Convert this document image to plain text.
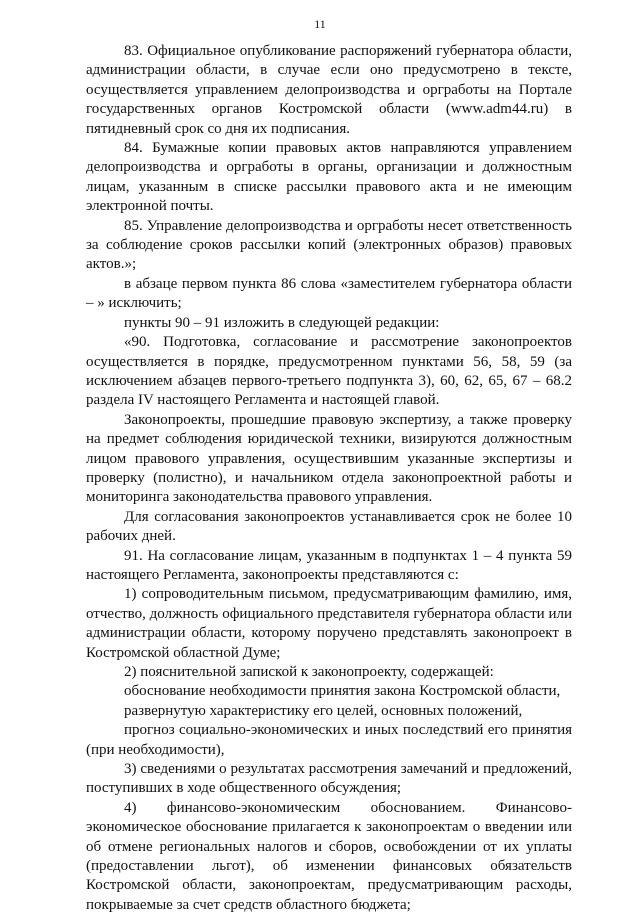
11

83. Официальное опубликование распоряжений губернатора области, администрации области, в случае если оно предусмотрено в тексте, осуществляется управлением делопроизводства и оргработы на Портале государственных органов Костромской области (www.adm44.ru) в пятидневный срок со дня их подписания.

84. Бумажные копии правовых актов направляются управлением делопроизводства и оргработы в органы, организации и должностным лицам, указанным в списке рассылки правового акта и не имеющим электронной почты.

85. Управление делопроизводства и оргработы несет ответственность за соблюдение сроков рассылки копий (электронных образов) правовых актов.»;

в абзаце первом пункта 86 слова «заместителем губернатора области – » исключить;

пункты 90 – 91 изложить в следующей редакции:

«90. Подготовка, согласование и рассмотрение законопроектов осуществляется в порядке, предусмотренном пунктами 56, 58, 59 (за исключением абзацев первого-третьего подпункта 3), 60, 62, 65, 67 – 68.2 раздела IV настоящего Регламента и настоящей главой.

Законопроекты, прошедшие правовую экспертизу, а также проверку на предмет соблюдения юридической техники, визируются должностным лицом правового управления, осуществившим указанные экспертизы и проверку (полистно), и начальником отдела законопроектной работы и мониторинга законодательства правового управления.

Для согласования законопроектов устанавливается срок не более 10 рабочих дней.

91. На согласование лицам, указанным в подпунктах 1 – 4 пункта 59 настоящего Регламента, законопроекты представляются с:

1) сопроводительным письмом, предусматривающим фамилию, имя, отчество, должность официального представителя губернатора области или администрации области, которому поручено представлять законопроект в Костромской областной Думе;

2) пояснительной запиской к законопроекту, содержащей:

обоснование необходимости принятия закона Костромской области,

развернутую характеристику его целей, основных положений,

прогноз социально-экономических и иных последствий его принятия (при необходимости),

3) сведениями о результатах рассмотрения замечаний и предложений, поступивших в ходе общественного обсуждения;

4) финансово-экономическим обоснованием. Финансово-экономическое обоснование прилагается к законопроектам о введении или об отмене региональных налогов и сборов, освобождении от их уплаты (предоставлении льгот), об изменении финансовых обязательств Костромской области, законопроектам, предусматривающим расходы, покрываемые за счет средств областного бюджета;
